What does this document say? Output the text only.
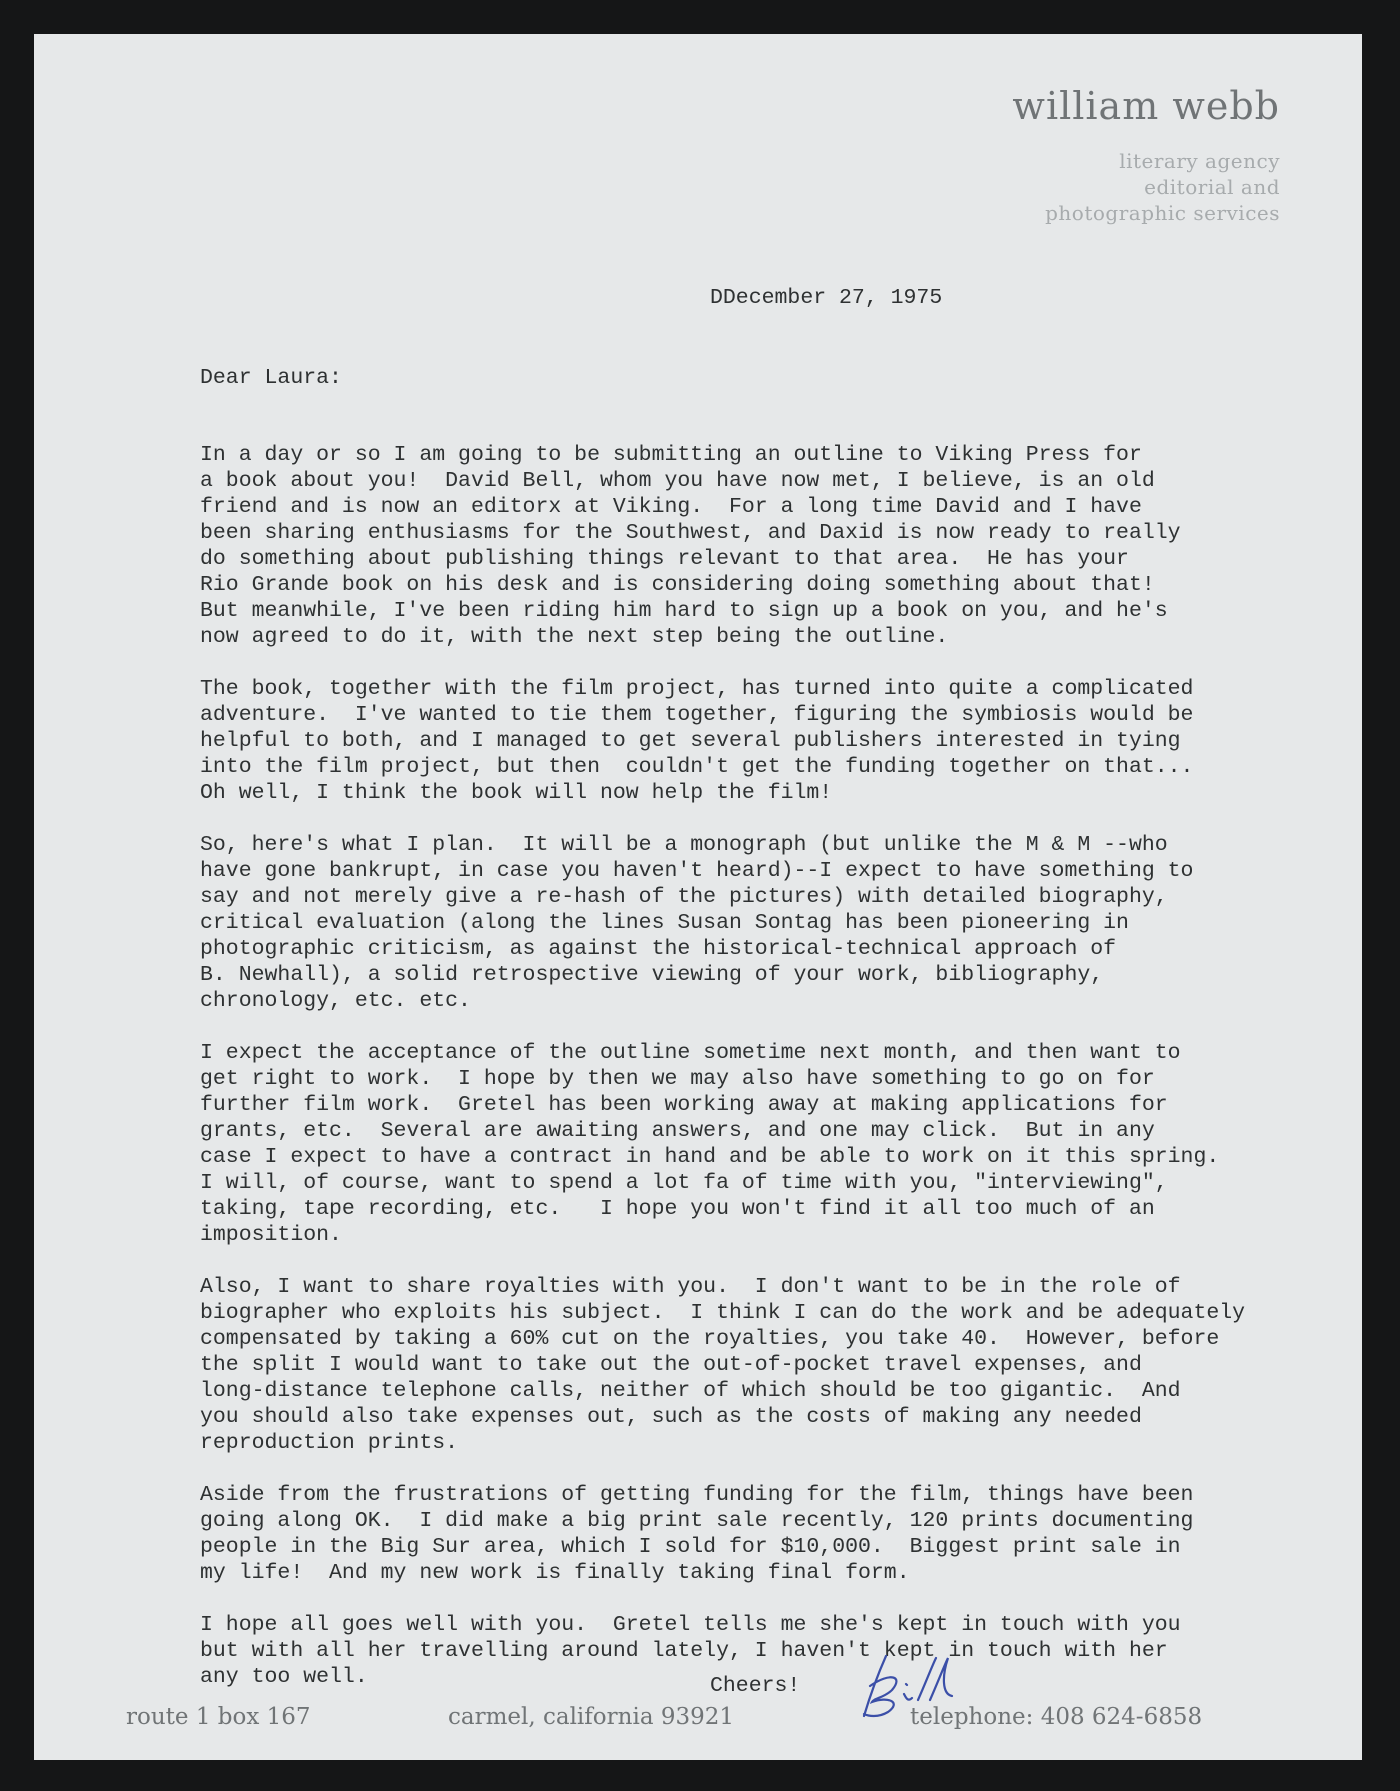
william webb
literary agency
editorial and
photographic services
DDecember 27, 1975
Dear Laura:
In a day or so I am going to be submitting an outline to Viking Press for
a book about you!  David Bell, whom you have now met, I believe, is an old
friend and is now an editorx at Viking.  For a long time David and I have
been sharing enthusiasms for the Southwest, and Daxid is now ready to really
do something about publishing things relevant to that area.  He has your
Rio Grande book on his desk and is considering doing something about that!
But meanwhile, I've been riding him hard to sign up a book on you, and he's
now agreed to do it, with the next step being the outline.
The book, together with the film project, has turned into quite a complicated
adventure.  I've wanted to tie them together, figuring the symbiosis would be
helpful to both, and I managed to get several publishers interested in tying
into the film project, but then  couldn't get the funding together on that...
Oh well, I think the book will now help the film!
So, here's what I plan.  It will be a monograph (but unlike the M & M --who
have gone bankrupt, in case you haven't heard)--I expect to have something to
say and not merely give a re-hash of the pictures) with detailed biography,
critical evaluation (along the lines Susan Sontag has been pioneering in
photographic criticism, as against the historical-technical approach of
B. Newhall), a solid retrospective viewing of your work, bibliography,
chronology, etc. etc.
I expect the acceptance of the outline sometime next month, and then want to
get right to work.  I hope by then we may also have something to go on for
further film work.  Gretel has been working away at making applications for
grants, etc.  Several are awaiting answers, and one may click.  But in any
case I expect to have a contract in hand and be able to work on it this spring.
I will, of course, want to spend a lot fa of time with you, "interviewing",
taking, tape recording, etc.   I hope you won't find it all too much of an
imposition.
Also, I want to share royalties with you.  I don't want to be in the role of
biographer who exploits his subject.  I think I can do the work and be adequately
compensated by taking a 60% cut on the royalties, you take 40.  However, before
the split I would want to take out the out-of-pocket travel expenses, and
long-distance telephone calls, neither of which should be too gigantic.  And
you should also take expenses out, such as the costs of making any needed
reproduction prints.
Aside from the frustrations of getting funding for the film, things have been
going along OK.  I did make a big print sale recently, 120 prints documenting
people in the Big Sur area, which I sold for $10,000.  Biggest print sale in
my life!  And my new work is finally taking final form.
I hope all goes well with you.  Gretel tells me she's kept in touch with you
but with all her travelling around lately, I haven't kept in touch with her
any too well.	Cheers!
route 1 box 167	carmel, california 93921	telephone: 408 624-6858
